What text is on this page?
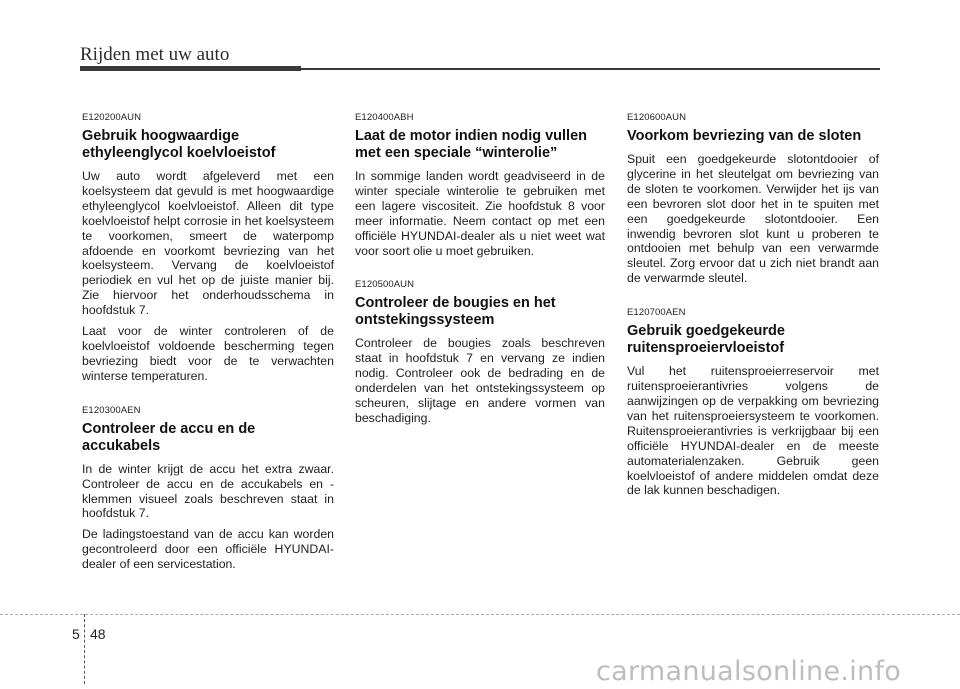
Rijden met uw auto
E120200AUN
Gebruik hoogwaardige ethyleenglycol koelvloeistof

Uw auto wordt afgeleverd met een koelsysteem dat gevuld is met hoogwaardige ethyleenglycol koelvloeistof. Alleen dit type koelvloeistof helpt corrosie in het koelsysteem te voorkomen, smeert de waterpomp afdoende en voorkomt bevriezing van het koelsysteem. Vervang de koelvloeistof periodiek en vul het op de juiste manier bij. Zie hiervoor het onderhoudsschema in hoofdstuk 7.

Laat voor de winter controleren of de koelvloeistof voldoende bescherming tegen bevriezing biedt voor de te verwachten winterse temperaturen.

E120300AEN
Controleer de accu en de accukabels

In de winter krijgt de accu het extra zwaar. Controleer de accu en de accukabels en -klemmen visueel zoals beschreven staat in hoofdstuk 7.

De ladingstoestand van de accu kan worden gecontroleerd door een officiële HYUNDAI-dealer of een servicestation.

E120400ABH
Laat de motor indien nodig vullen met een speciale “winterolie”

In sommige landen wordt geadviseerd in de winter speciale winterolie te gebruiken met een lagere viscositeit. Zie hoofdstuk 8 voor meer informatie. Neem contact op met een officiële HYUNDAI-dealer als u niet weet wat voor soort olie u moet gebruiken.

E120500AUN
Controleer de bougies en het ontstekingssysteem

Controleer de bougies zoals beschreven staat in hoofdstuk 7 en vervang ze indien nodig. Controleer ook de bedrading en de onderdelen van het ontstekingssysteem op scheuren, slijtage en andere vormen van beschadiging.

E120600AUN
Voorkom bevriezing van de sloten

Spuit een goedgekeurde slotontdooier of glycerine in het sleutelgat om bevriezing van de sloten te voorkomen. Verwijder het ijs van een bevroren slot door het in te spuiten met een goedgekeurde slotontdooier. Een inwendig bevroren slot kunt u proberen te ontdooien met behulp van een verwarmde sleutel. Zorg ervoor dat u zich niet brandt aan de verwarmde sleutel.

E120700AEN
Gebruik goedgekeurde ruitensproeiervloeistof

Vul het ruitensproeierreservoir met ruitensproeierantivries volgens de aanwijzingen op de verpakking om bevriezing van het ruitensproeiersysteem te voorkomen. Ruitensproeierantivries is verkrijgbaar bij een officiële HYUNDAI-dealer en de meeste automaterialenzaken. Gebruik geen koelvloeistof of andere middelen omdat deze de lak kunnen beschadigen.

5 48
carmanualsonline.info
